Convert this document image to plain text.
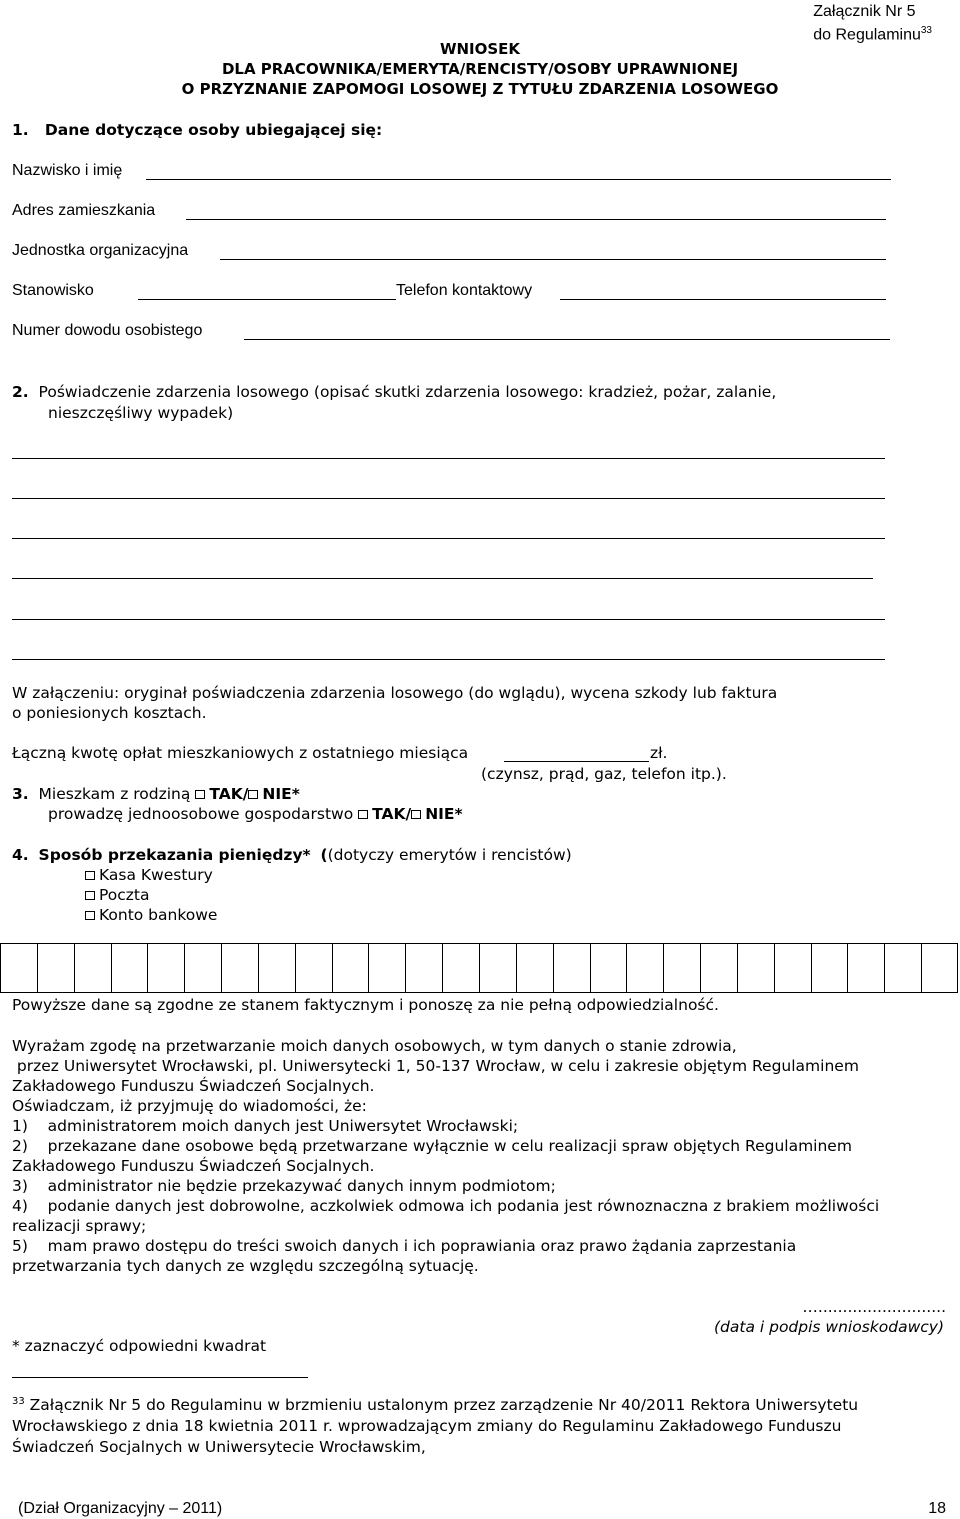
Załącznik Nr 5
do Regulaminu$^{33}$
WNIOSEK
DLA PRACOWNIKA/EMERYTA/RENCISTY/OSOBY UPRAWNIONEJ
O PRZYZNANIE ZAPOMOGI LOSOWEJ Z TYTUŁU ZDARZENIA LOSOWEGO
1. Dane dotyczące osoby ubiegającej się:
Nazwisko i imię
Adres zamieszkania
Jednostka organizacyjna
Stanowisko	Telefon kontaktowy
Numer dowodu osobistego
2. Poświadczenie zdarzenia losowego (opisać skutki zdarzenia losowego: kradzież, pożar, zalanie,
nieszczęśliwy wypadek)
W załączeniu: oryginał poświadczenia zdarzenia losowego (do wglądu), wycena szkody lub faktura
o poniesionych kosztach.
Łączną kwotę opłat mieszkaniowych z ostatniego miesiąca	zł.
(czynsz, prąd, gaz, telefon itp.).
3. Mieszkam z rodziną TAK/ NIE*
prowadzę jednoosobowe gospodarstwo TAK/ NIE*
4. Sposób przekazania pieniędzy* ((dotyczy emerytów i rencistów)
Kasa Kwestury
Poczta
Konto bankowe
Powyższe dane są zgodne ze stanem faktycznym i ponoszę za nie pełną odpowiedzialność.
Wyrażam zgodę na przetwarzanie moich danych osobowych, w tym danych o stanie zdrowia,
przez Uniwersytet Wrocławski, pl. Uniwersytecki 1, 50-137 Wrocław, w celu i zakresie objętym Regulaminem
Zakładowego Funduszu Świadczeń Socjalnych.
Oświadczam, iż przyjmuję do wiadomości, że:
1)    administratorem moich danych jest Uniwersytet Wrocławski;
2)    przekazane dane osobowe będą przetwarzane wyłącznie w celu realizacji spraw objętych Regulaminem
Zakładowego Funduszu Świadczeń Socjalnych.
3)    administrator nie będzie przekazywać danych innym podmiotom;
4)    podanie danych jest dobrowolne, aczkolwiek odmowa ich podania jest równoznaczna z brakiem możliwości
realizacji sprawy;
5)    mam prawo dostępu do treści swoich danych i ich poprawiania oraz prawo żądania zaprzestania
przetwarzania tych danych ze względu szczególną sytuację.
…..........................
(data i podpis wnioskodawcy)
* zaznaczyć odpowiedni kwadrat
$^{33}$ Załącznik Nr 5 do Regulaminu w brzmieniu ustalonym przez zarządzenie Nr 40/2011 Rektora Uniwersytetu
Wrocławskiego z dnia 18 kwietnia 2011 r. wprowadzającym zmiany do Regulaminu Zakładowego Funduszu
Świadczeń Socjalnych w Uniwersytecie Wrocławskim,
(Dział Organizacyjny – 2011)	18
